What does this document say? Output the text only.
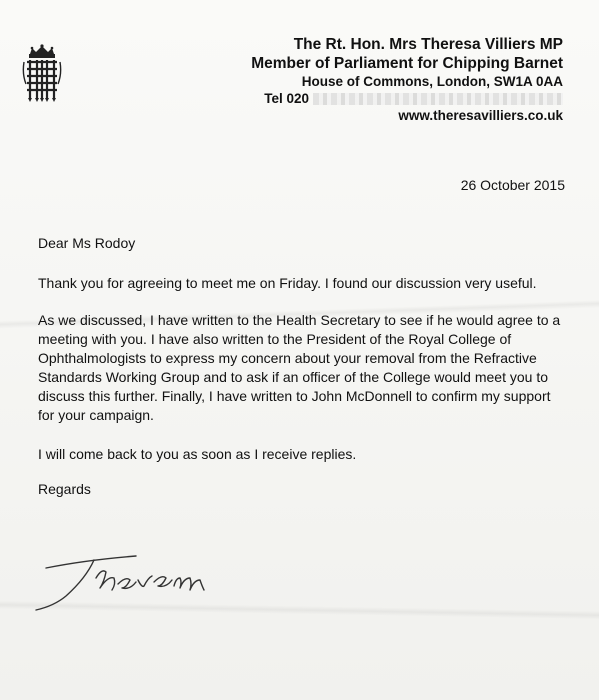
The Rt. Hon. Mrs Theresa Villiers MP
Member of Parliament for Chipping Barnet
House of Commons, London, SW1A 0AA
Tel 020
www.theresavilliers.co.uk
26 October 2015

Dear Ms Rodoy

Thank you for agreeing to meet me on Friday. I found our discussion very useful.

As we discussed, I have written to the Health Secretary to see if he would agree to a meeting with you. I have also written to the President of the Royal College of Ophthalmologists to express my concern about your removal from the Refractive Standards Working Group and to ask if an officer of the College would meet you to discuss this further. Finally, I have written to John McDonnell to confirm my support for your campaign.

I will come back to you as soon as I receive replies.

Regards
